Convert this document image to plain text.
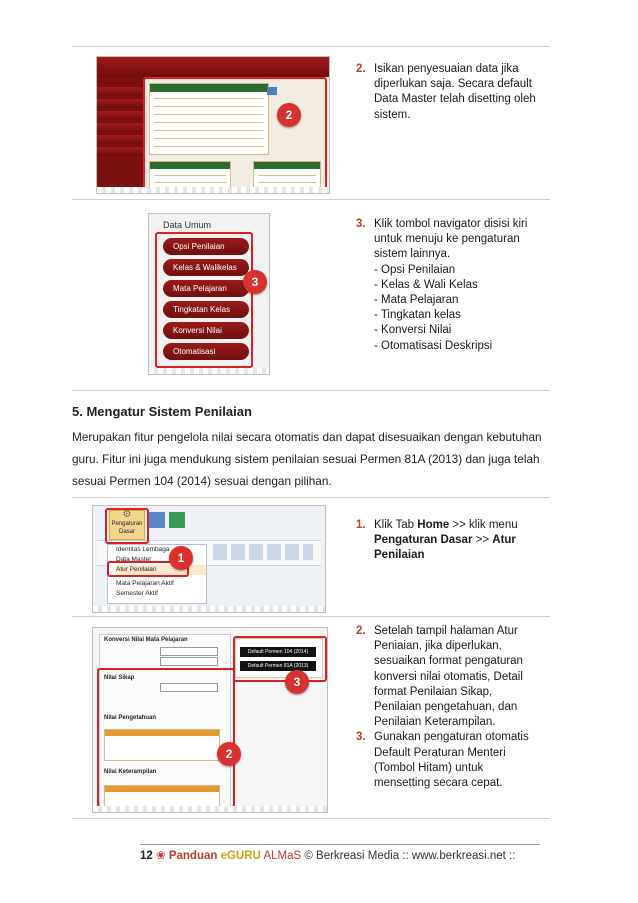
2
2. Isikan penyesuaian data jika diperlukan saja. Secara default Data Master telah disetting oleh sistem.
Data Umum
Opsi Penilaian
Kelas & Walikelas
Mata Pelajaran
Tingkatan Kelas
Konversi Nilai
Otomatisasi
3
3. Klik tombol navigator disisi kiri untuk menuju ke pengaturan sistem lainnya.
- Opsi Penilaian
- Kelas & Wali Kelas
- Mata Pelajaran
- Tingkatan kelas
- Konversi Nilai
- Otomatisasi Deskripsi
5. Mengatur Sistem Penilaian
Merupakan fitur pengelola nilai secara otomatis dan dapat disesuaikan dengan kebutuhan guru. Fitur ini juga mendukung sistem penilaian sesuai Permen 81A (2013) dan juga telah sesuai Permen 104 (2014) sesuai dengan pilihan.
⚙
Pengaturan Dasar
Identitas Lembaga
Data Master
Atur Penilaian
Mata Pelajaran Aktif
Semester Aktif
1
1. Klik Tab Home >> klik menu Pengaturan Dasar >> Atur Penilaian
Konversi Nilai Mata Pelajaran
Nilai Sikap
Nilai Pengetahuan
Nilai Keterampilan
Default Permen 104 (2014)
Default Permen 81A (2013)
2
3
2. Setelah tampil halaman Atur Peniaian, jika diperlukan, sesuaikan format pengaturan konversi nilai otomatis, Detail format Penilaian Sikap, Penilaian pengetahuan, dan Penilaian Keterampilan.
3. Gunakan pengaturan otomatis Default Peraturan Menteri (Tombol Hitam) untuk mensetting secara cepat.
12 ❀ Panduan eGURU ALMaS © Berkreasi Media :: www.berkreasi.net ::
